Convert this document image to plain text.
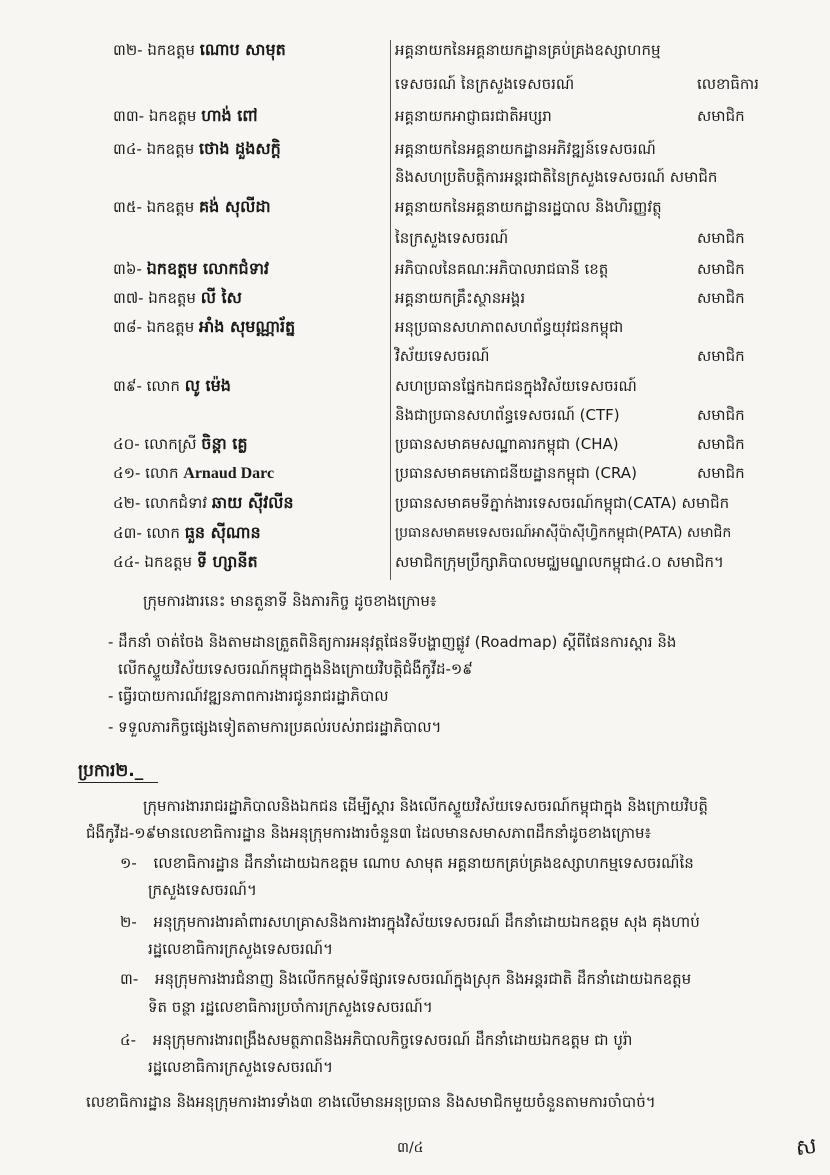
៣២- ឯកឧត្តម ណោប សាមុត	អគ្គនាយកនៃអគ្គនាយកដ្ឋានគ្រប់គ្រងឧស្សាហកម្ម
ទេសចរណ៍ នៃក្រសួងទេសចរណ៍	លេខាធិការ
៣៣- ឯកឧត្តម ហាង់ ពៅ	អគ្គនាយកអាជ្ញាធរជាតិអប្សរា	សមាជិក
៣៤- ឯកឧត្តម ថោង ដួងសក្តិ	អគ្គនាយកនៃអគ្គនាយកដ្ឋានអភិវឌ្ឍន៍ទេសចរណ៍
និងសហប្រតិបត្តិការអន្តរជាតិនៃក្រសួងទេសចរណ៍ សមាជិក
៣៥- ឯកឧត្តម គង់ សុលីដា	អគ្គនាយកនៃអគ្គនាយកដ្ឋានរដ្ឋបាល និងហិរញ្ញវត្ថុ
នៃក្រសួងទេសចរណ៍	សមាជិក
៣៦- ឯកឧត្តម លោកជំទាវ	អភិបាលនៃគណៈអភិបាលរាជធានី ខេត្ត	សមាជិក
៣៧- ឯកឧត្តម លី សៃ	អគ្គនាយកគ្រឹះស្ថានអង្គរ	សមាជិក
៣៨- ឯកឧត្តម អាំង សុមណ្ណារ័ត្ន	អនុប្រធានសហភាពសហព័ន្ធយុវជនកម្ពុជា
វិស័យទេសចរណ៍	សមាជិក
៣៩- លោក លូ ម៉េង	សហប្រធានផ្នែកឯកជនក្នុងវិស័យទេសចរណ៍
និងជាប្រធានសហព័ន្ធទេសចរណ៍ (CTF)	សមាជិក
៤០- លោកស្រី ចិន្តា គ្លេ	ប្រធានសមាគមសណ្ឋាគារកម្ពុជា (CHA)	សមាជិក
៤១- លោក Arnaud Darc	ប្រធានសមាគមភោជនីយដ្ឋានកម្ពុជា (CRA)	សមាជិក
៤២- លោកជំទាវ ឆាយ ស៊ីវលីន	ប្រធានសមាគមទីភ្នាក់ងារទេសចរណ៍កម្ពុជា(CATA) សមាជិក
៤៣- លោក ធួន ស៊ីណាន	ប្រធានសមាគមទេសចរណ៍អាស៊ីប៉ាស៊ីហ្វិកកម្ពុជា(PATA) សមាជិក
៤៤- ឯកឧត្តម ទី ហ្សានីត	សមាជិកក្រុមប្រឹក្សាភិបាលមជ្ឈមណ្ឌលកម្ពុជា៤.០ សមាជិក។
ក្រុមការងារនេះ មានតួនាទី និងភារកិច្ច ដូចខាងក្រោម៖
- ដឹកនាំ ចាត់ចែង និងតាមដានត្រួតពិនិត្យការអនុវត្តផែនទីបង្ហាញផ្លូវ (Roadmap) ស្តីពីផែនការស្តារ និង
លើកស្ទួយវិស័យទេសចរណ៍កម្ពុជាក្នុងនិងក្រោយវិបត្តិជំងឺកូវីដ-១៩
- ធ្វើរបាយការណ៍វឌ្ឍនភាពការងារជូនរាជរដ្ឋាភិបាល
- ទទួលភារកិច្ចផ្សេងទៀតតាមការប្រគល់របស់រាជរដ្ឋាភិបាល។
ប្រការ២._
ក្រុមការងាររាជរដ្ឋាភិបាលនិងឯកជន ដើម្បីស្តារ និងលើកស្ទួយវិស័យទេសចរណ៍កម្ពុជាក្នុង និងក្រោយវិបត្តិ
ជំងឺកូវីដ-១៩មានលេខាធិការដ្ឋាន និងអនុក្រុមការងារចំនួន៣ ដែលមានសមាសភាពដឹកនាំដូចខាងក្រោម៖
១- លេខាធិការដ្ឋាន ដឹកនាំដោយឯកឧត្តម ណោប សាមុត អគ្គនាយកគ្រប់គ្រងឧស្សាហកម្មទេសចរណ៍នៃ
ក្រសួងទេសចរណ៍។
២- អនុក្រុមការងារគាំពារសហគ្រាសនិងការងារក្នុងវិស័យទេសចរណ៍ ដឹកនាំដោយឯកឧត្តម សុង គុងហាប់
រដ្ឋលេខាធិការក្រសួងទេសចរណ៍។
៣- អនុក្រុមការងារជំនាញ និងលើកកម្ពស់ទីផ្សារទេសចរណ៍ក្នុងស្រុក និងអន្តរជាតិ ដឹកនាំដោយឯកឧត្តម
ទិត ចន្ថា រដ្ឋលេខាធិការប្រចាំការក្រសួងទេសចរណ៍។
៤- អនុក្រុមការងារពង្រឹងសមត្ថភាពនិងអភិបាលកិច្ចទេសចរណ៍ ដឹកនាំដោយឯកឧត្តម ជា បូរ៉ា
រដ្ឋលេខាធិការក្រសួងទេសចរណ៍។
លេខាធិការដ្ឋាន និងអនុក្រុមការងារទាំង៣ ខាងលើមានអនុប្រធាន និងសមាជិកមួយចំនួនតាមការចាំបាច់។
៣/៤	ស
